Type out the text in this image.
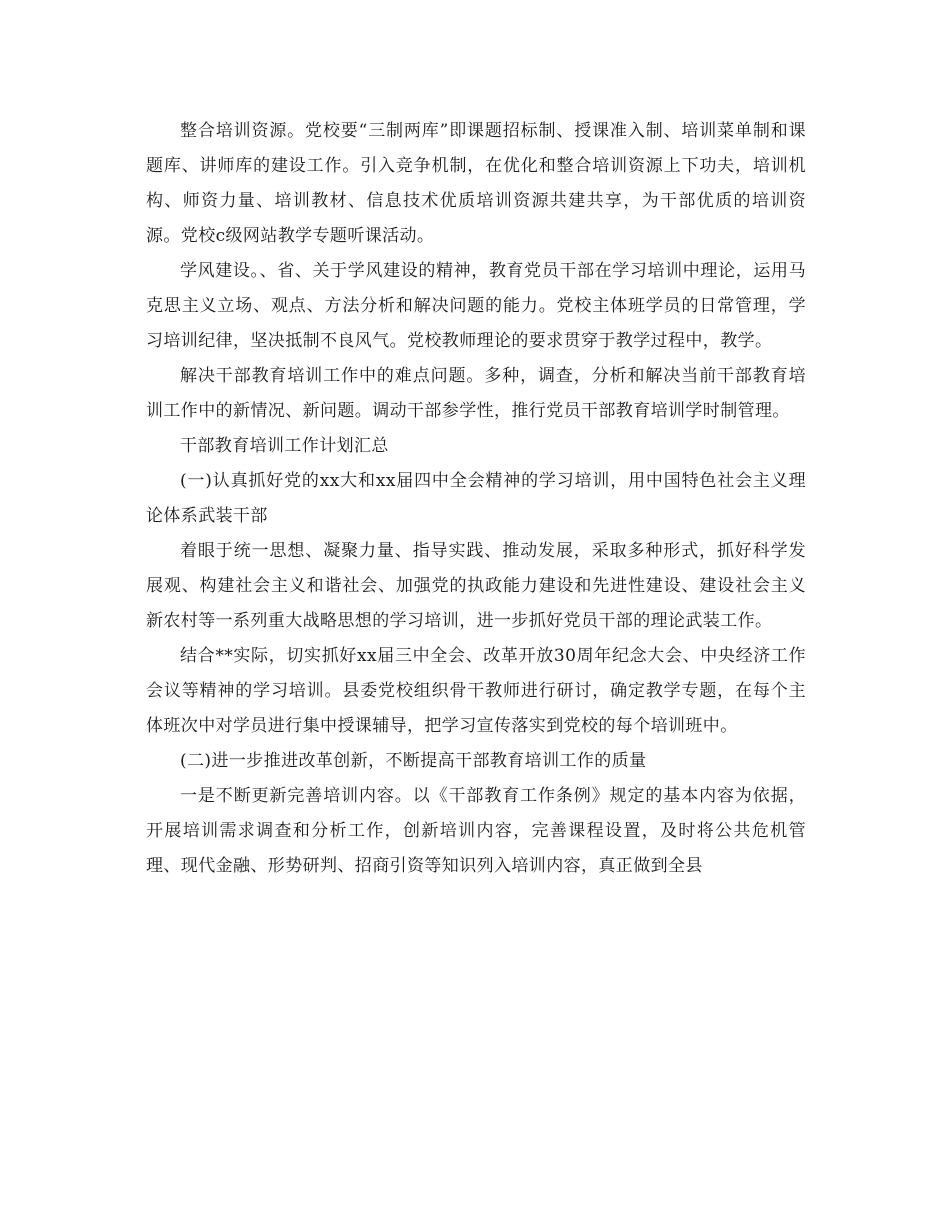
整合培训资源。党校要“三制两库”即课题招标制、授课准入制、培训菜单制和课题库、讲师库的建设工作。引入竞争机制，在优化和整合培训资源上下功夫，培训机构、师资力量、培训教材、信息技术优质培训资源共建共享，为干部优质的培训资源。党校c级网站教学专题听课活动。

学风建设。、省、关于学风建设的精神，教育党员干部在学习培训中理论，运用马克思主义立场、观点、方法分析和解决问题的能力。党校主体班学员的日常管理，学习培训纪律，坚决抵制不良风气。党校教师理论的要求贯穿于教学过程中，教学。

解决干部教育培训工作中的难点问题。多种，调查，分析和解决当前干部教育培训工作中的新情况、新问题。调动干部参学性，推行党员干部教育培训学时制管理。

干部教育培训工作计划汇总

(一)认真抓好党的xx大和xx届四中全会精神的学习培训，用中国特色社会主义理论体系武装干部

着眼于统一思想、凝聚力量、指导实践、推动发展，采取多种形式，抓好科学发展观、构建社会主义和谐社会、加强党的执政能力建设和先进性建设、建设社会主义新农村等一系列重大战略思想的学习培训，进一步抓好党员干部的理论武装工作。

结合**实际，切实抓好xx届三中全会、改革开放30周年纪念大会、中央经济工作会议等精神的学习培训。县委党校组织骨干教师进行研讨，确定教学专题，在每个主体班次中对学员进行集中授课辅导，把学习宣传落实到党校的每个培训班中。

(二)进一步推进改革创新，不断提高干部教育培训工作的质量

一是不断更新完善培训内容。以《干部教育工作条例》规定的基本内容为依据，开展培训需求调查和分析工作，创新培训内容，完善课程设置，及时将公共危机管理、现代金融、形势研判、招商引资等知识列入培训内容，真正做到全县
